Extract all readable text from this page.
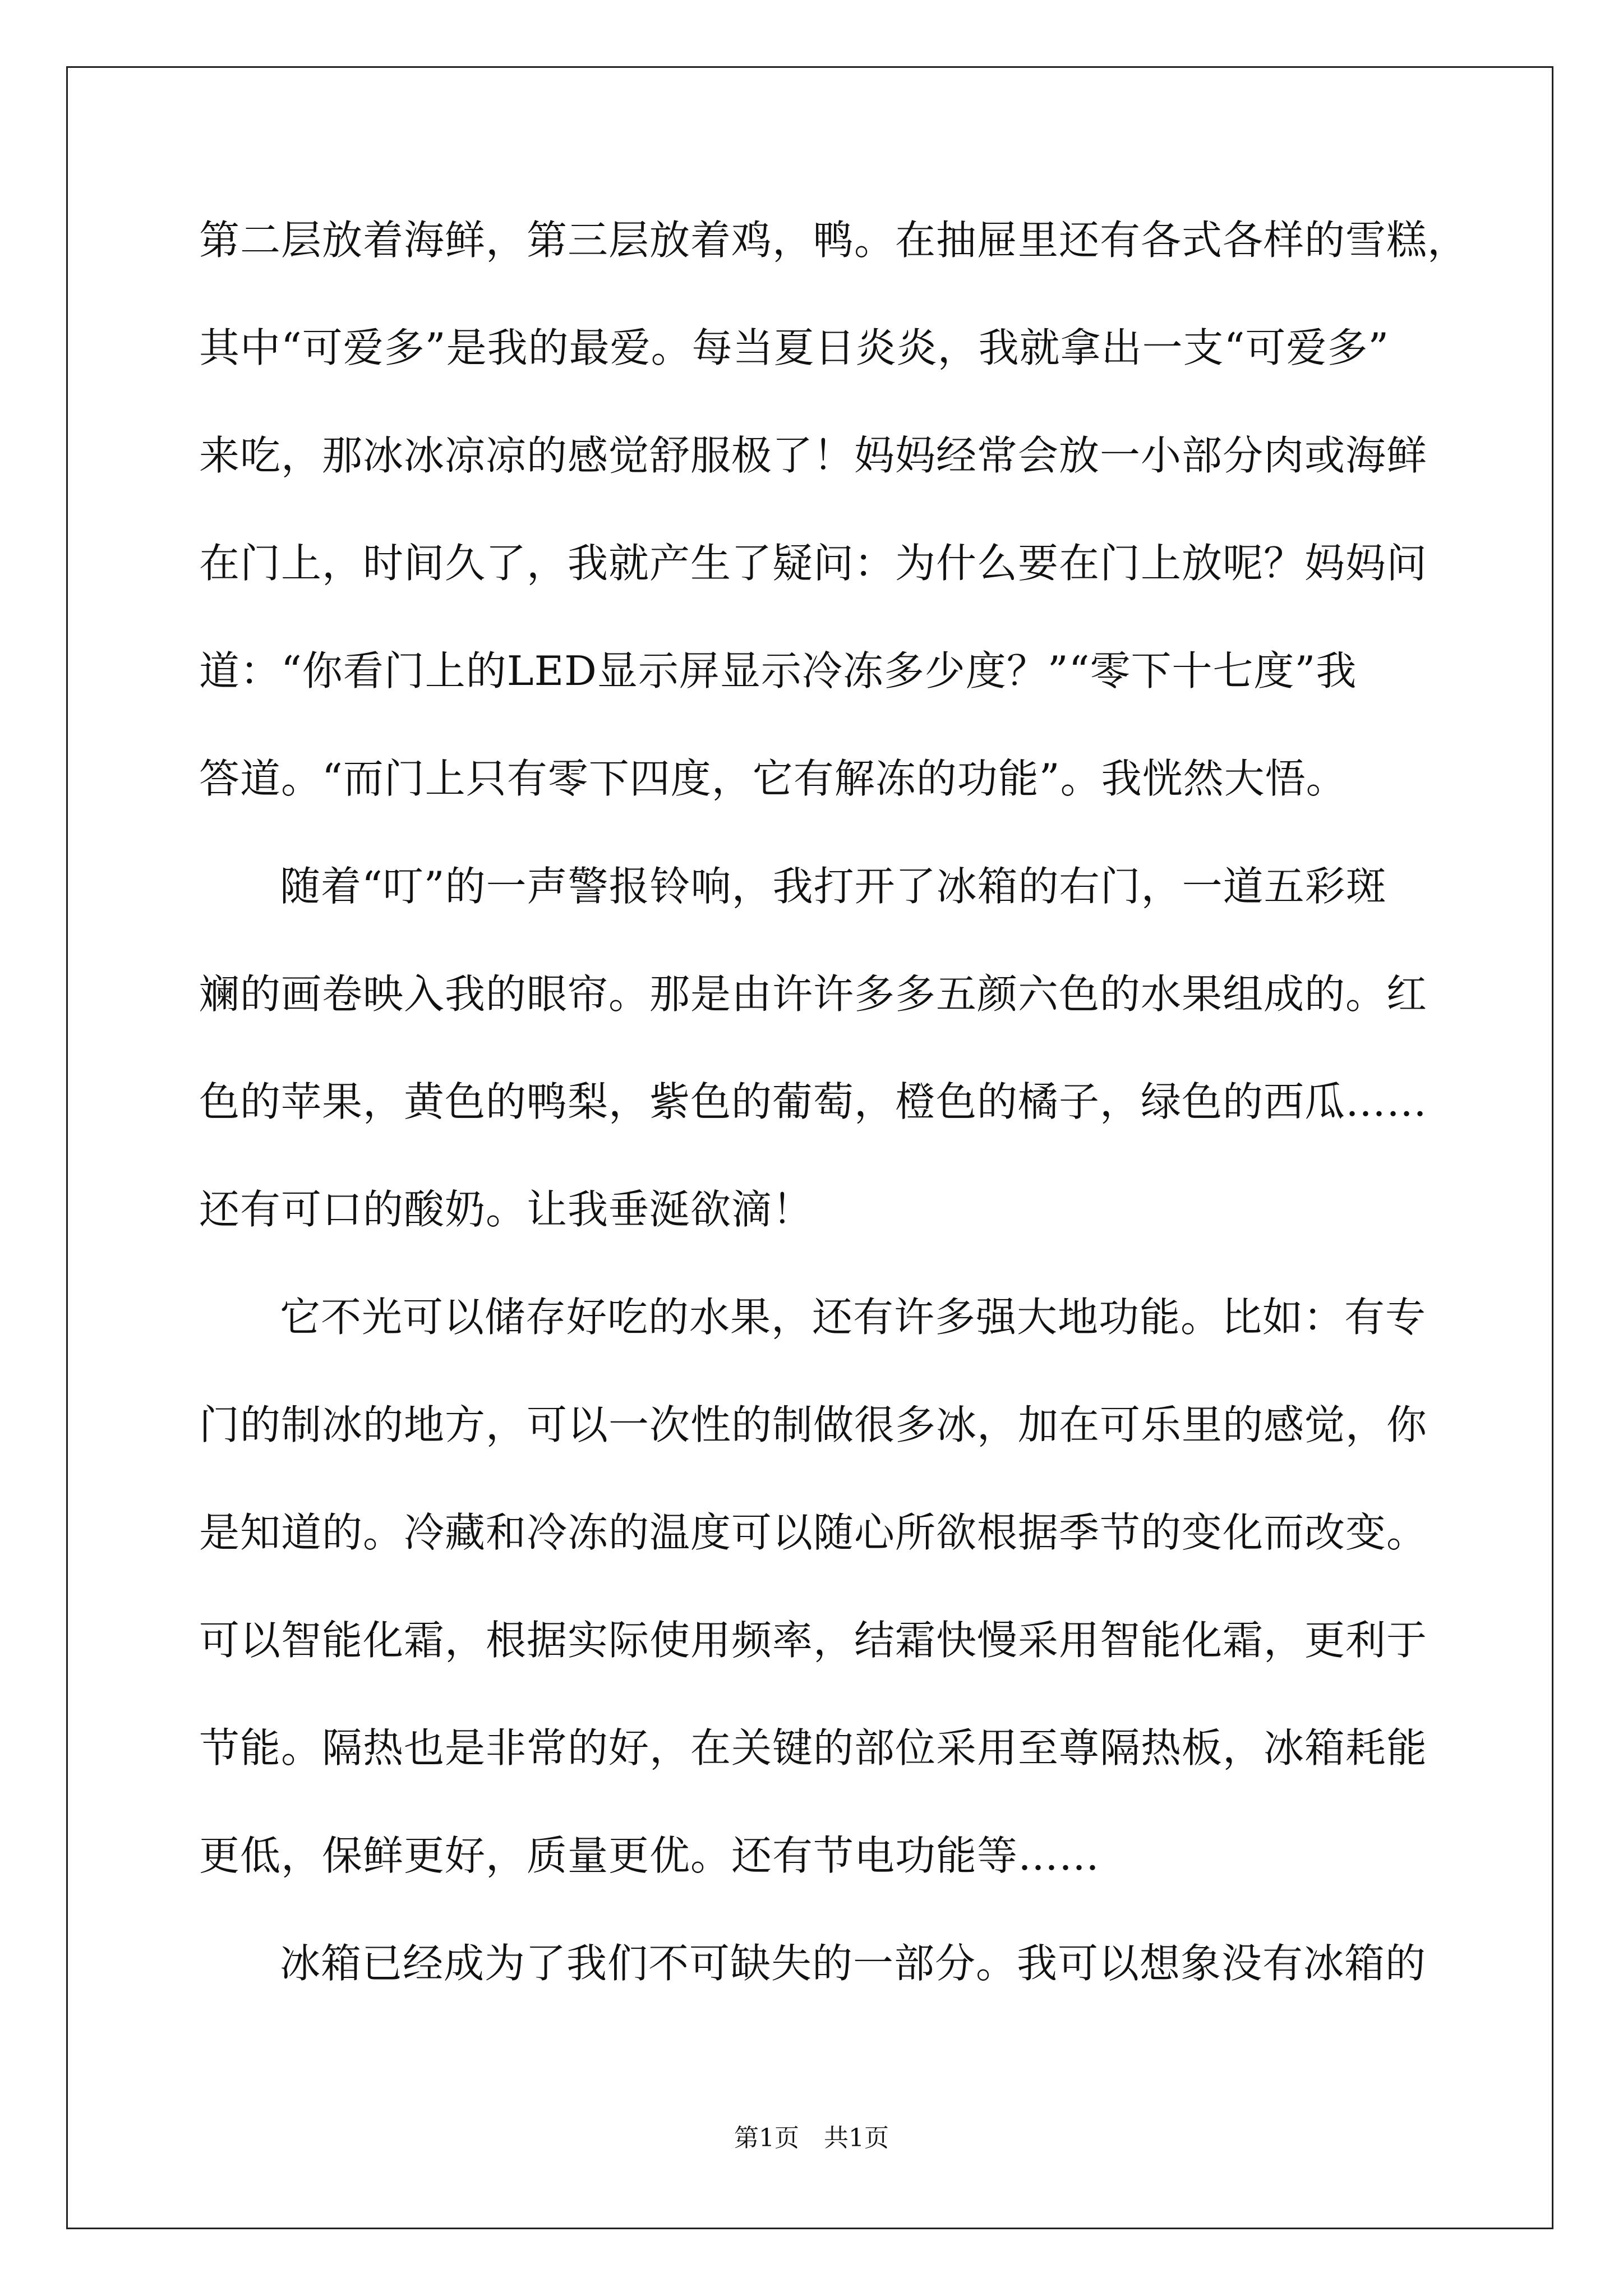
第二层放着海鲜，第三层放着鸡，鸭。在抽屉里还有各式各样的雪糕，
其中“可爱多”是我的最爱。每当夏日炎炎，我就拿出一支“可爱多”
来吃，那冰冰凉凉的感觉舒服极了！妈妈经常会放一小部分肉或海鲜
在门上，时间久了，我就产生了疑问：为什么要在门上放呢？妈妈问
道：“你看门上的LED显示屏显示冷冻多少度？”“零下十七度”我
答道。“而门上只有零下四度，它有解冻的功能”。我恍然大悟。
随着“叮”的一声警报铃响，我打开了冰箱的右门，一道五彩斑
斓的画卷映入我的眼帘。那是由许许多多五颜六色的水果组成的。红
色的苹果，黄色的鸭梨，紫色的葡萄，橙色的橘子，绿色的西瓜……
还有可口的酸奶。让我垂涎欲滴！
它不光可以储存好吃的水果，还有许多强大地功能。比如：有专
门的制冰的地方，可以一次性的制做很多冰，加在可乐里的感觉，你
是知道的。冷藏和冷冻的温度可以随心所欲根据季节的变化而改变。
可以智能化霜，根据实际使用频率，结霜快慢采用智能化霜，更利于
节能。隔热也是非常的好，在关键的部位采用至尊隔热板，冰箱耗能
更低，保鲜更好，质量更优。还有节电功能等……
冰箱已经成为了我们不可缺失的一部分。我可以想象没有冰箱的
第1页　共1页
